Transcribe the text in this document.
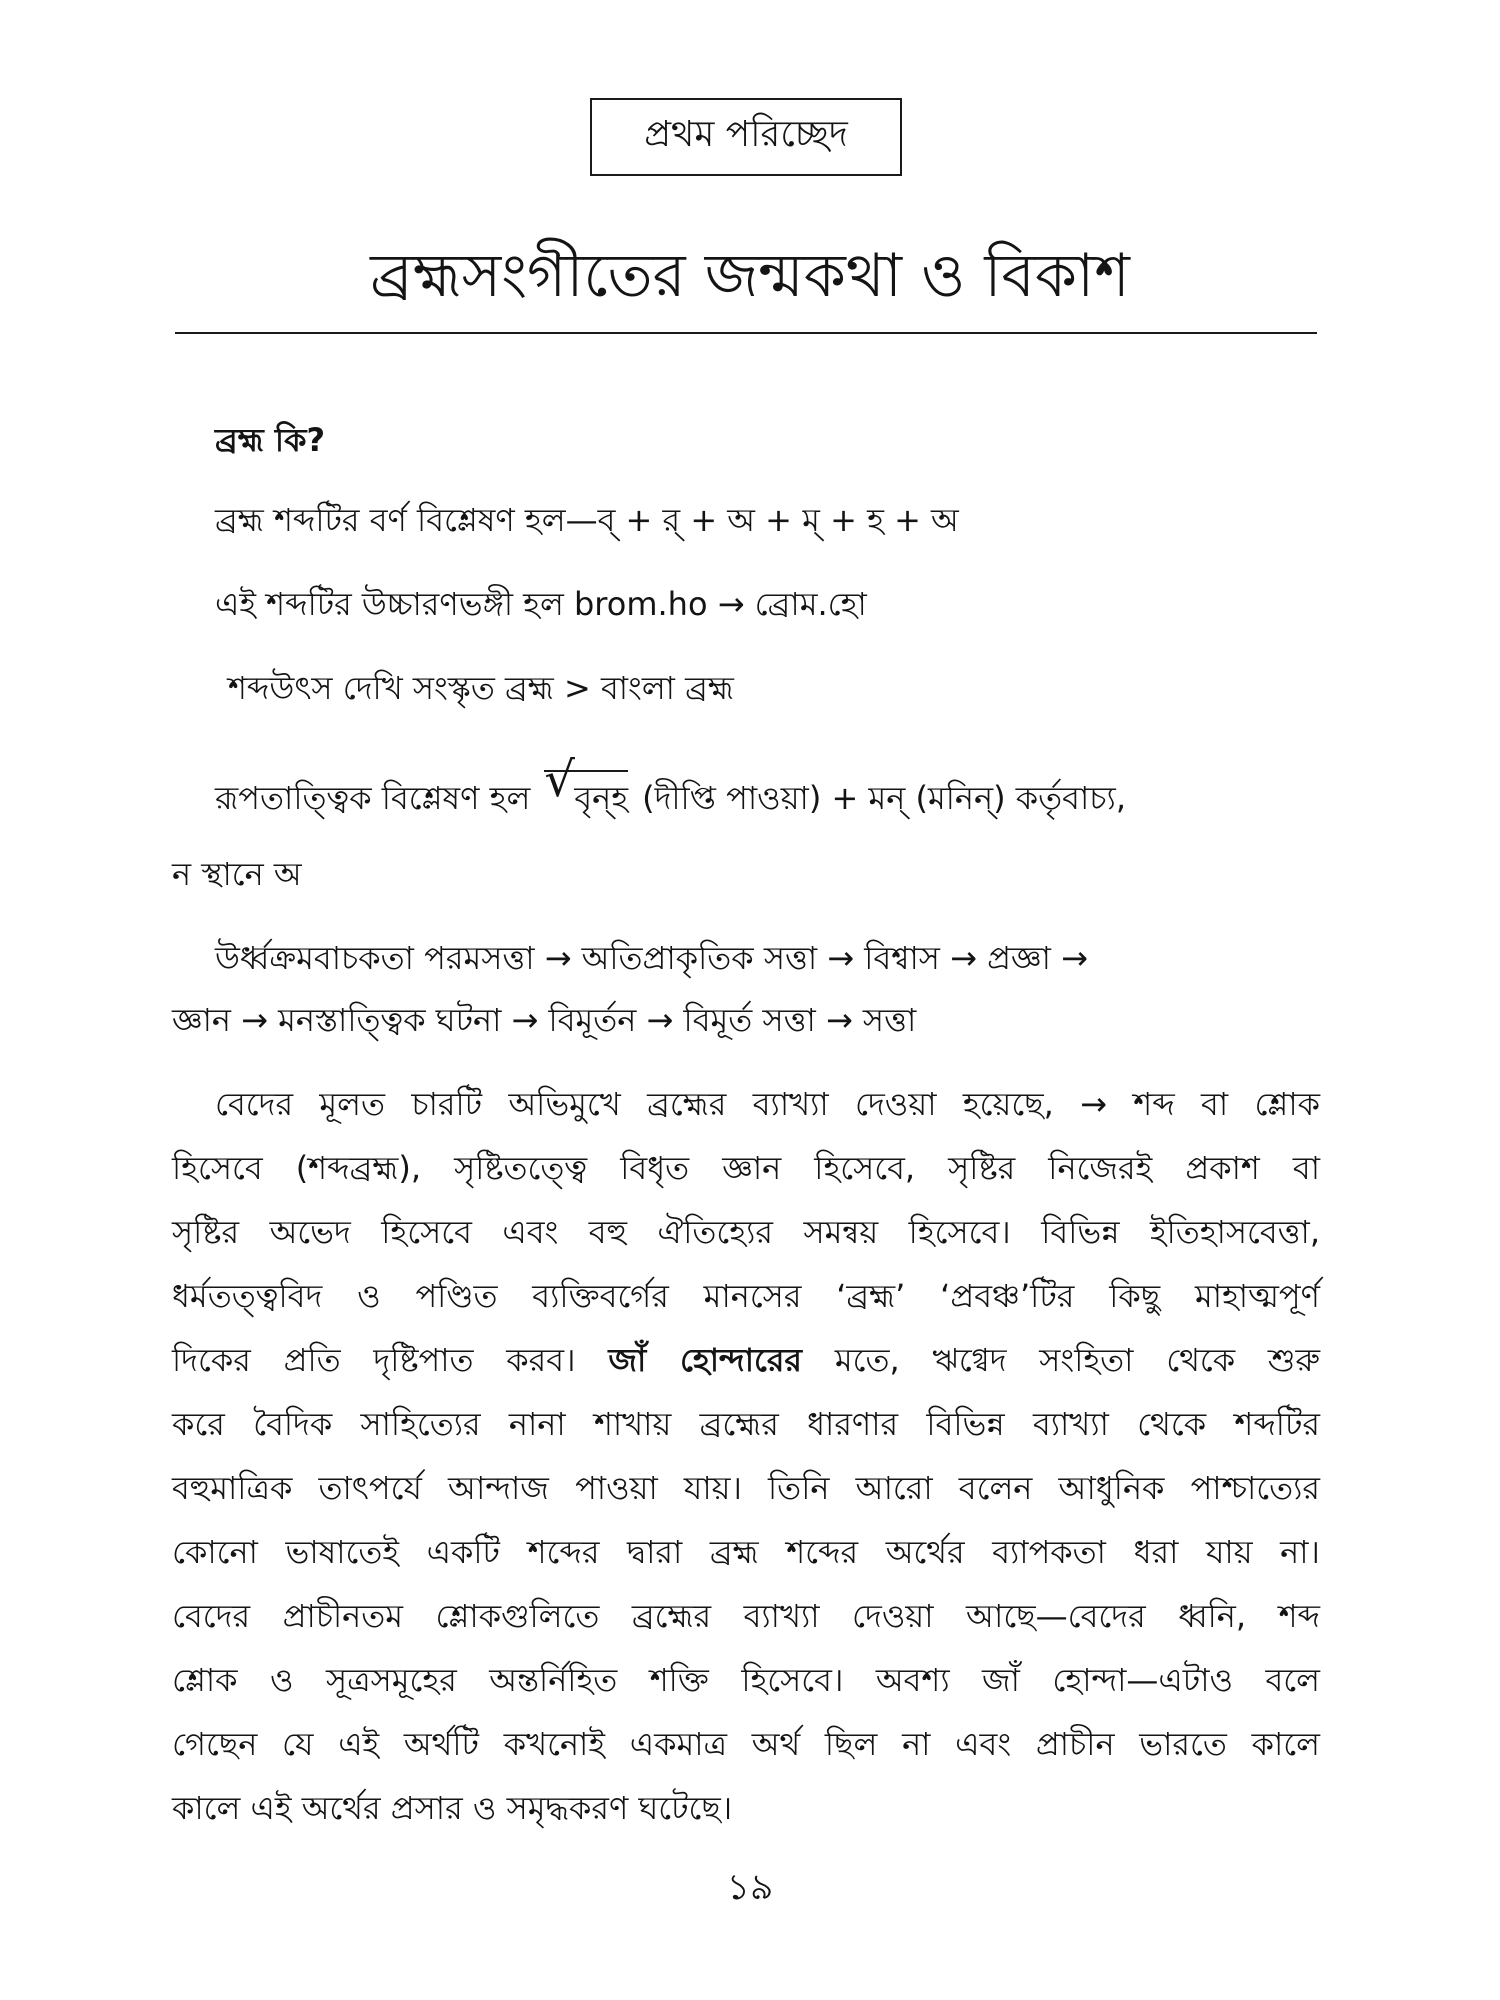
প্রথম পরিচ্ছেদ
ব্রহ্মসংগীতের জন্মকথা ও বিকাশ
ব্রহ্ম কি?
ব্রহ্ম শব্দটির বর্ণ বিশ্লেষণ হল—ব্‌ + র্‌ + অ + ম্‌ + হ + অ
এই শব্দটির উচ্চারণভঙ্গী হল brom.ho → ব্রোম.হো
শব্দউৎস দেখি সংস্কৃত ব্রহ্ম > বাংলা ব্রহ্ম
রূপতাত্ত্বিক বিশ্লেষণ হল√ বৃন্‌হ (দীপ্তি পাওয়া) + মন্‌ (মনিন্‌) কর্তৃবাচ্য,
ন স্থানে অ
উর্ধ্বক্রমবাচকতা পরমসত্তা → অতিপ্রাকৃতিক সত্তা → বিশ্বাস → প্রজ্ঞা →
জ্ঞান → মনস্তাত্ত্বিক ঘটনা → বিমূর্তন → বিমূর্ত সত্তা → সত্তা
বেদের মূলত চারটি অভিমুখে ব্রহ্মের ব্যাখ্যা দেওয়া হয়েছে, → শব্দ বা শ্লোক
হিসেবে (শব্দব্রহ্ম), সৃষ্টিতত্ত্বে বিধৃত জ্ঞান হিসেবে, সৃষ্টির নিজেরই প্রকাশ বা
সৃষ্টির অভেদ হিসেবে এবং বহু ঐতিহ্যের সমন্বয় হিসেবে। বিভিন্ন ইতিহাসবেত্তা,
ধর্মতত্ত্ববিদ ও পণ্ডিত ব্যক্তিবর্গের মানসের ‘ব্রহ্ম’ ‘প্রবঞ্চ’টির কিছু মাহাত্মপূর্ণ
দিকের প্রতি দৃষ্টিপাত করব। জাঁ হোন্দারের মতে, ঋগ্বেদ সংহিতা থেকে শুরু
করে বৈদিক সাহিত্যের নানা শাখায় ব্রহ্মের ধারণার বিভিন্ন ব্যাখ্যা থেকে শব্দটির
বহুমাত্রিক তাৎপর্যে আন্দাজ পাওয়া যায়। তিনি আরো বলেন আধুনিক পাশ্চাত্যের
কোনো ভাষাতেই একটি শব্দের দ্বারা ব্রহ্ম শব্দের অর্থের ব্যাপকতা ধরা যায় না।
বেদের প্রাচীনতম শ্লোকগুলিতে ব্রহ্মের ব্যাখ্যা দেওয়া আছে—বেদের ধ্বনি, শব্দ
শ্লোক ও সূত্রসমূহের অন্তর্নিহিত শক্তি হিসেবে। অবশ্য জাঁ হোন্দা—এটাও বলে
গেছেন যে এই অর্থটি কখনোই একমাত্র অর্থ ছিল না এবং প্রাচীন ভারতে কালে
কালে এই অর্থের প্রসার ও সমৃদ্ধকরণ ঘটেছে।
১৯
